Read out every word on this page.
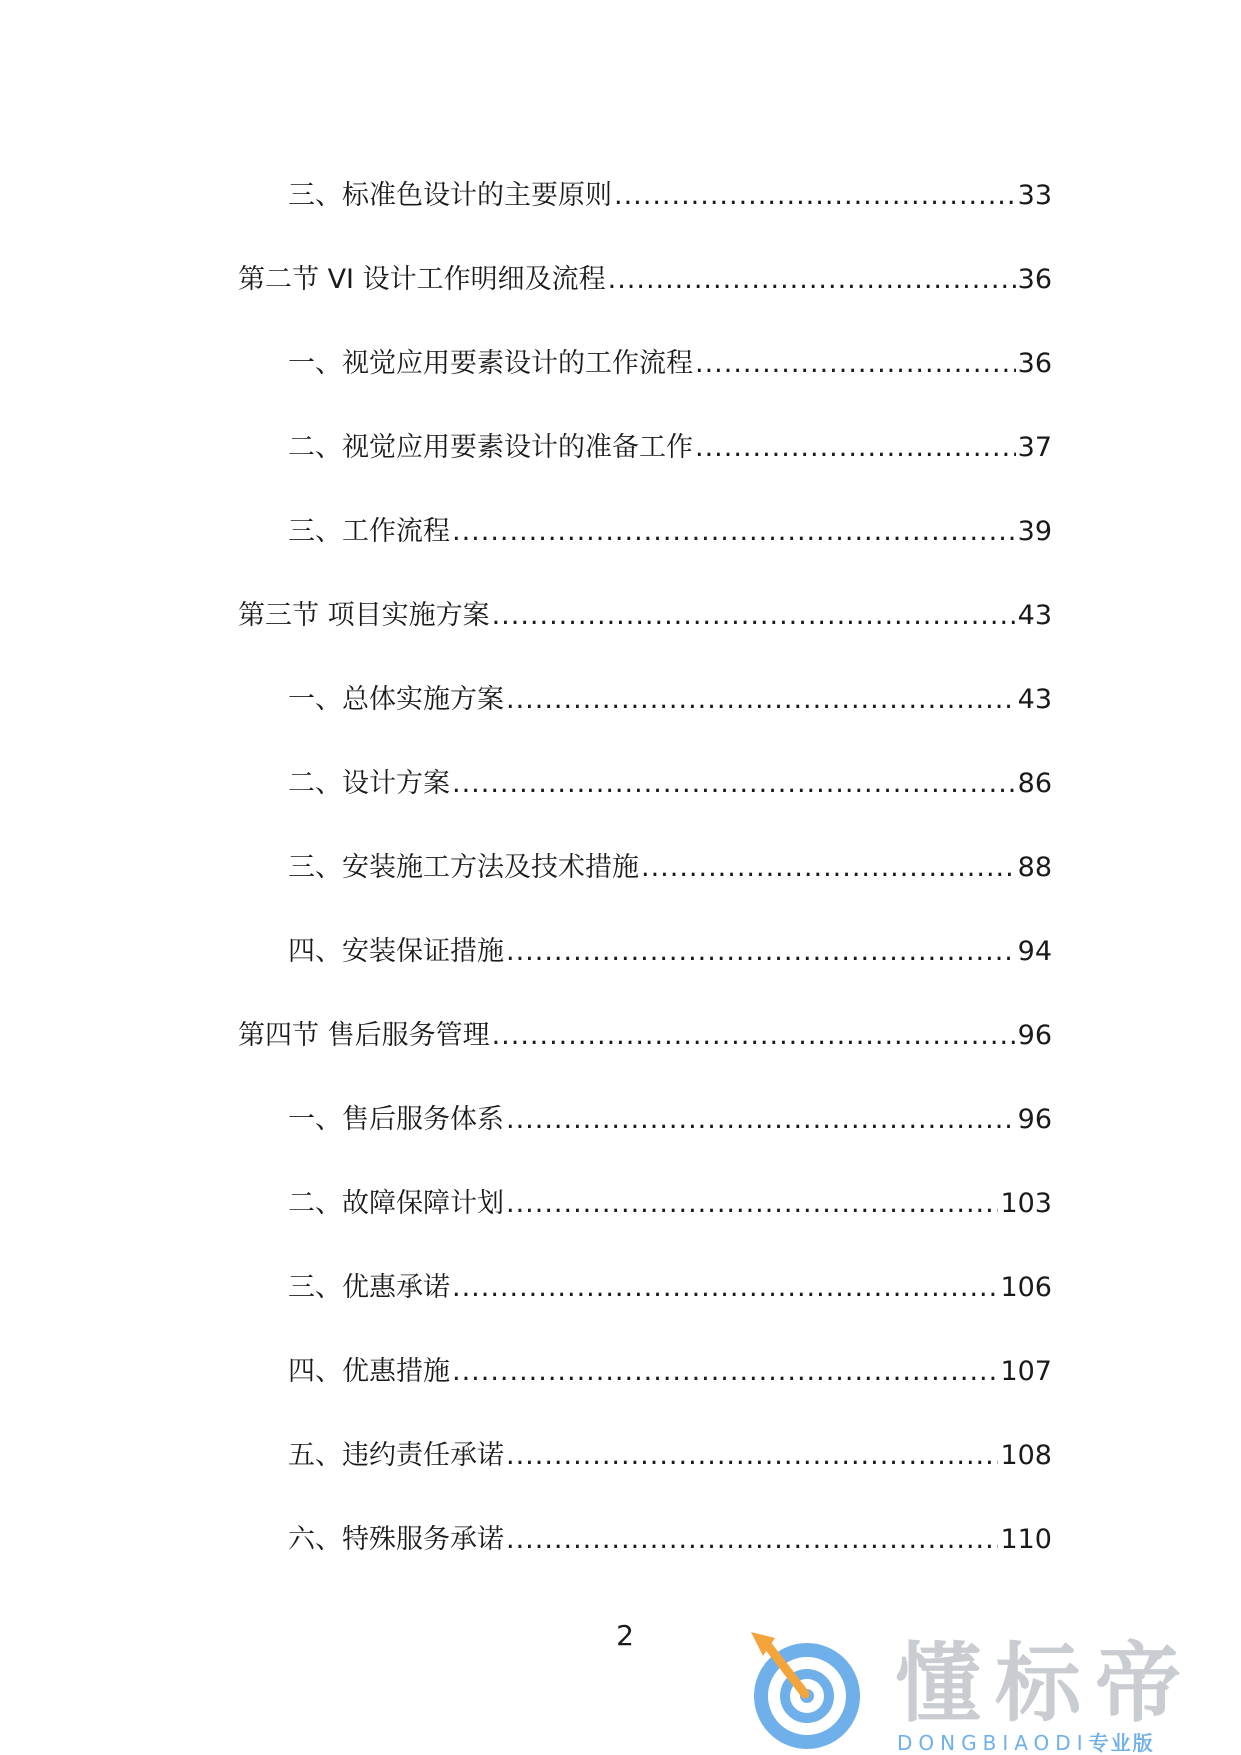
三、标准色设计的主要原则 .....	33
第二节 VI 设计工作明细及流程 .....	36
一、视觉应用要素设计的工作流程 .....	36
二、视觉应用要素设计的准备工作 .....	37
三、工作流程 .....	39
第三节 项目实施方案 .....	43
一、总体实施方案 .....	43
二、设计方案 .....	86
三、安装施工方法及技术措施 .....	88
四、安装保证措施 .....	94
第四节 售后服务管理 .....	96
一、售后服务体系 .....	96
二、故障保障计划 .....	103
三、优惠承诺 .....	106
四、优惠措施 .....	107
五、违约责任承诺 .....	108
六、特殊服务承诺 .....	110
2	懂标帝
DONGBIAODI专业版
